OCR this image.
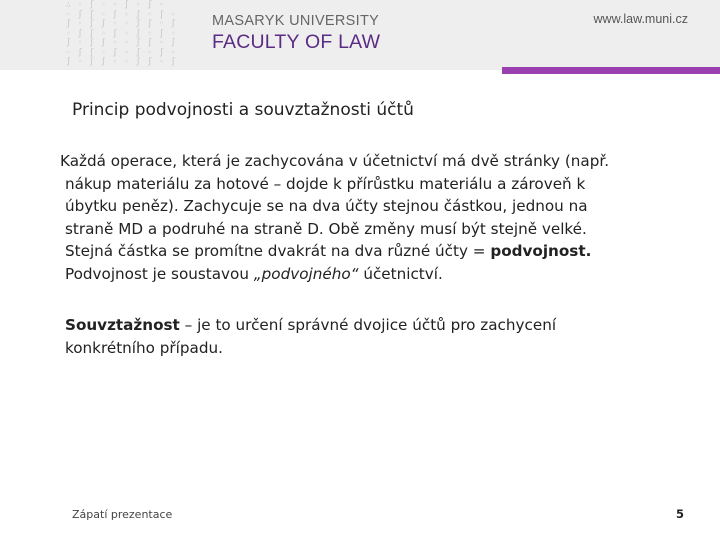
∴ ◦ ∫ ◦ ◦ ∫ ◦ ∫ ◦
◦ ∫ ∫ ◦ ∫ ◦ ∫ ◦ ∫ ◦
∫ ◦ ∫ ∫ ◦ ◦ ∫ ∫ ◦ ∫
◦ ∫ ∫ ◦ ∫ ◦ ∫ ◦ ∫ ◦
∫ ◦ ∫ ∫ ◦ ◦ ∫ ∫ ◦ ∫
◦ ∫ ∫ ◦ ∫ ◦ ∫ ◦ ∫ ◦
∫ ◦ ∫ ∫ ◦ ◦ ∫ ∫ ◦ ∫
MASARYK UNIVERSITY
FACULTY OF LAW
www.law.muni.cz
Princip podvojnosti a souvztažnosti účtů

Každá operace, která je zachycována v účetnictví má dvě stránky (např.
nákup materiálu za hotové – dojde k přírůstku materiálu a zároveň k
úbytku peněz). Zachycuje se na dva účty stejnou částkou, jednou na
straně MD a podruhé na straně D. Obě změny musí být stejně velké.
Stejná částka se promítne dvakrát na dva různé účty = podvojnost.
Podvojnost je soustavou „podvojného“ účetnictví.

Souvztažnost – je to určení správné dvojice účtů pro zachycení
konkrétního případu.

Zápatí prezentace	5
